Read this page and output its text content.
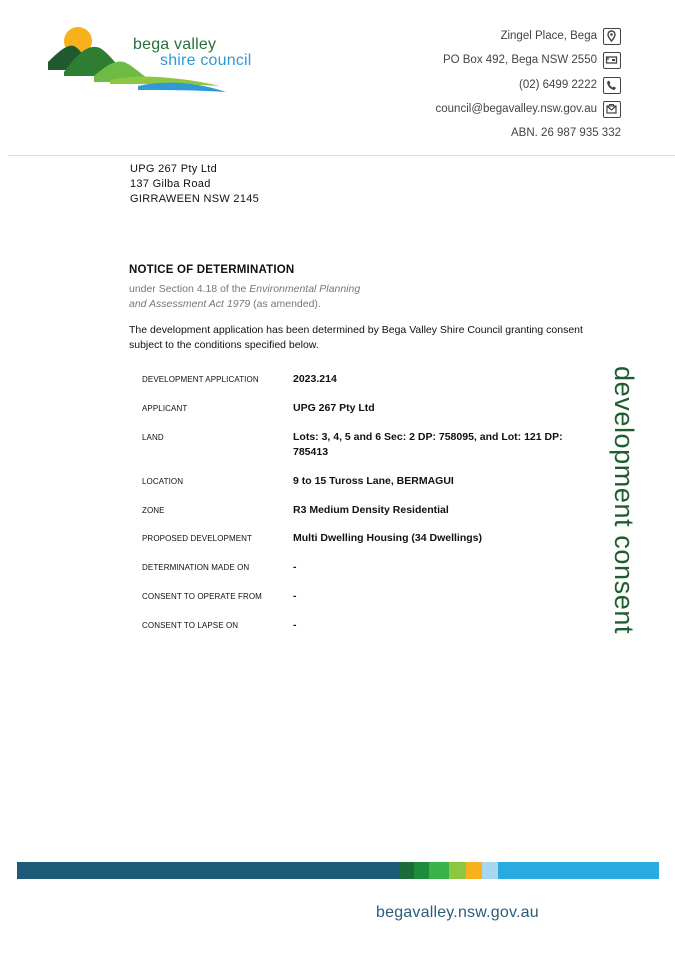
bega valley
shire council
Zingel Place, Bega
PO Box 492, Bega NSW 2550
(02) 6499 2222
council@begavalley.nsw.gov.au
ABN. 26 987 935 332
UPG 267 Pty Ltd
137 Gilba Road
GIRRAWEEN NSW 2145
NOTICE OF DETERMINATION
under Section 4.18 of the Environmental Planning
and Assessment Act 1979 (as amended).
The development application has been determined by Bega Valley Shire Council granting consent subject to the conditions specified below.
DEVELOPMENT APPLICATION	2023.214
APPLICANT	UPG 267 Pty Ltd
LAND	Lots: 3, 4, 5 and 6 Sec: 2 DP: 758095, and Lot: 121 DP: 785413
LOCATION	9 to 15 Tuross Lane, BERMAGUI
ZONE	R3 Medium Density Residential
PROPOSED DEVELOPMENT	Multi Dwelling Housing (34 Dwellings)
DETERMINATION MADE ON	-
CONSENT TO OPERATE FROM	-
CONSENT TO LAPSE ON	-	development consent
begavalley.nsw.gov.au
